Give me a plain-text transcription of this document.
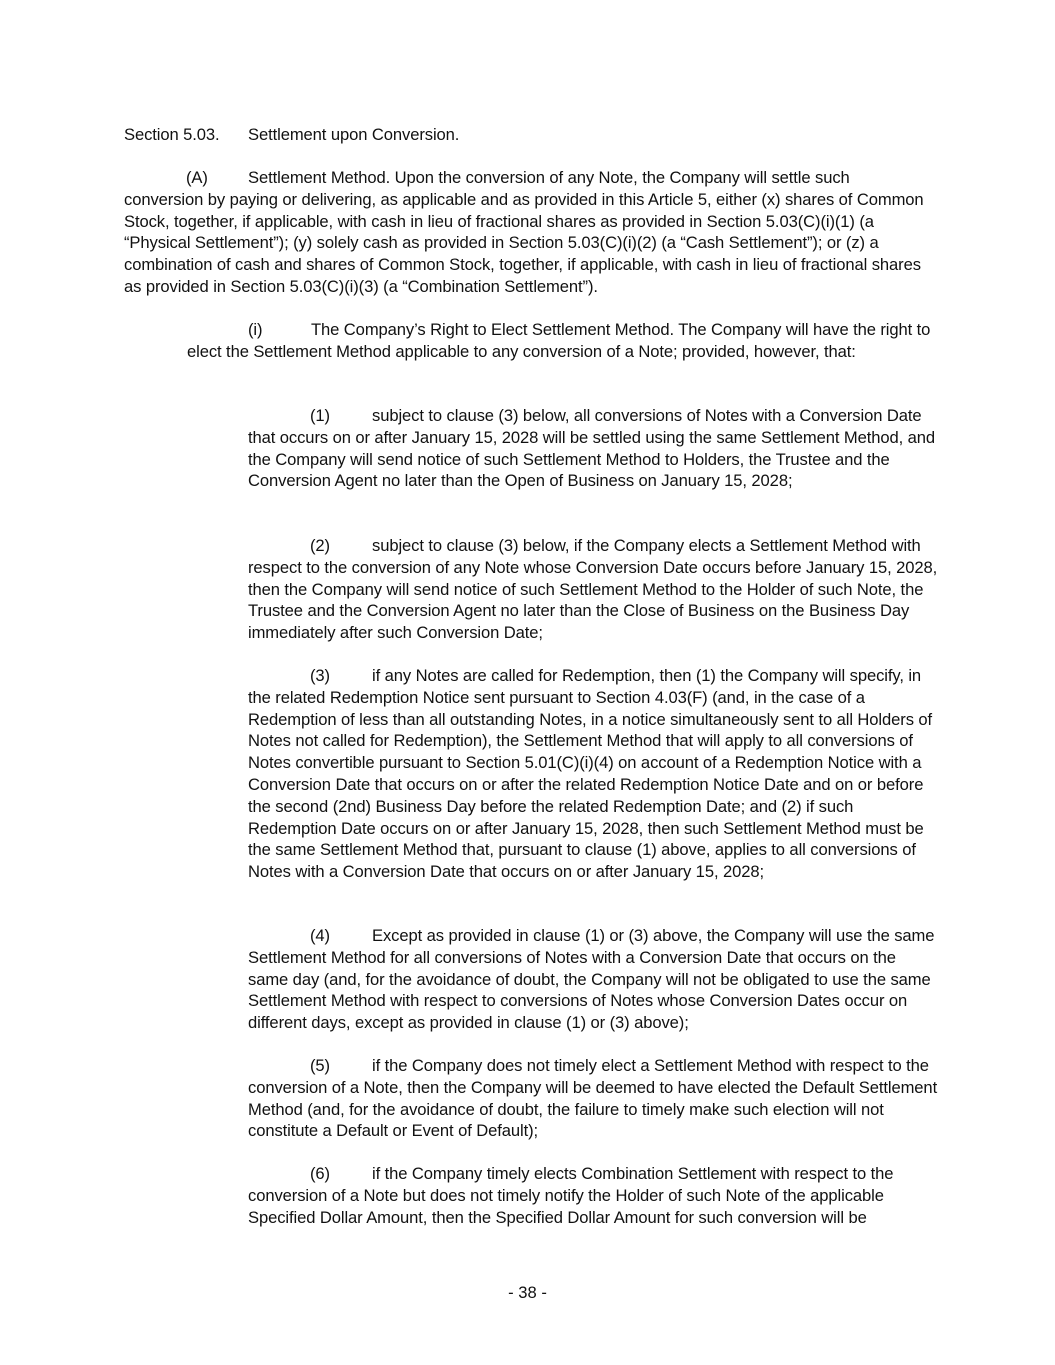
Section 5.03. Settlement upon Conversion.

(A) Settlement Method. Upon the conversion of any Note, the Company will settle such conversion by paying or delivering, as applicable and as provided in this Article 5, either (x) shares of Common Stock, together, if applicable, with cash in lieu of fractional shares as provided in Section 5.03(C)(i)(1) (a “Physical Settlement”); (y) solely cash as provided in Section 5.03(C)(i)(2) (a “Cash Settlement”); or (z) a combination of cash and shares of Common Stock, together, if applicable, with cash in lieu of fractional shares as provided in Section 5.03(C)(i)(3) (a “Combination Settlement”).

(i)	The Company’s Right to Elect Settlement Method. The Company will have the right to elect the Settlement Method applicable to any conversion of a Note; provided, however, that:

(1)	subject to clause (3) below, all conversions of Notes with a Conversion Date that occurs on or after January 15, 2028 will be settled using the same Settlement Method, and the Company will send notice of such Settlement Method to Holders, the Trustee and the Conversion Agent no later than the Open of Business on January 15, 2028;

(2)	subject to clause (3) below, if the Company elects a Settlement Method with respect to the conversion of any Note whose Conversion Date occurs before January 15, 2028, then the Company will send notice of such Settlement Method to the Holder of such Note, the Trustee and the Conversion Agent no later than the Close of Business on the Business Day immediately after such Conversion Date;

(3)	if any Notes are called for Redemption, then (1) the Company will specify, in the related Redemption Notice sent pursuant to Section 4.03(F) (and, in the case of a Redemption of less than all outstanding Notes, in a notice simultaneously sent to all Holders of Notes not called for Redemption), the Settlement Method that will apply to all conversions of Notes convertible pursuant to Section 5.01(C)(i)(4) on account of a Redemption Notice with a Conversion Date that occurs on or after the related Redemption Notice Date and on or before the second (2nd) Business Day before the related Redemption Date; and (2) if such Redemption Date occurs on or after January 15, 2028, then such Settlement Method must be the same Settlement Method that, pursuant to clause (1) above, applies to all conversions of Notes with a Conversion Date that occurs on or after January 15, 2028;

(4)	Except as provided in clause (1) or (3) above, the Company will use the same Settlement Method for all conversions of Notes with a Conversion Date that occurs on the same day (and, for the avoidance of doubt, the Company will not be obligated to use the same Settlement Method with respect to conversions of Notes whose Conversion Dates occur on different days, except as provided in clause (1) or (3) above);

(5)	if the Company does not timely elect a Settlement Method with respect to the conversion of a Note, then the Company will be deemed to have elected the Default Settlement Method (and, for the avoidance of doubt, the failure to timely make such election will not constitute a Default or Event of Default);

(6)	if the Company timely elects Combination Settlement with respect to the conversion of a Note but does not timely notify the Holder of such Note of the applicable Specified Dollar Amount, then the Specified Dollar Amount for such conversion will be

- 38 -
